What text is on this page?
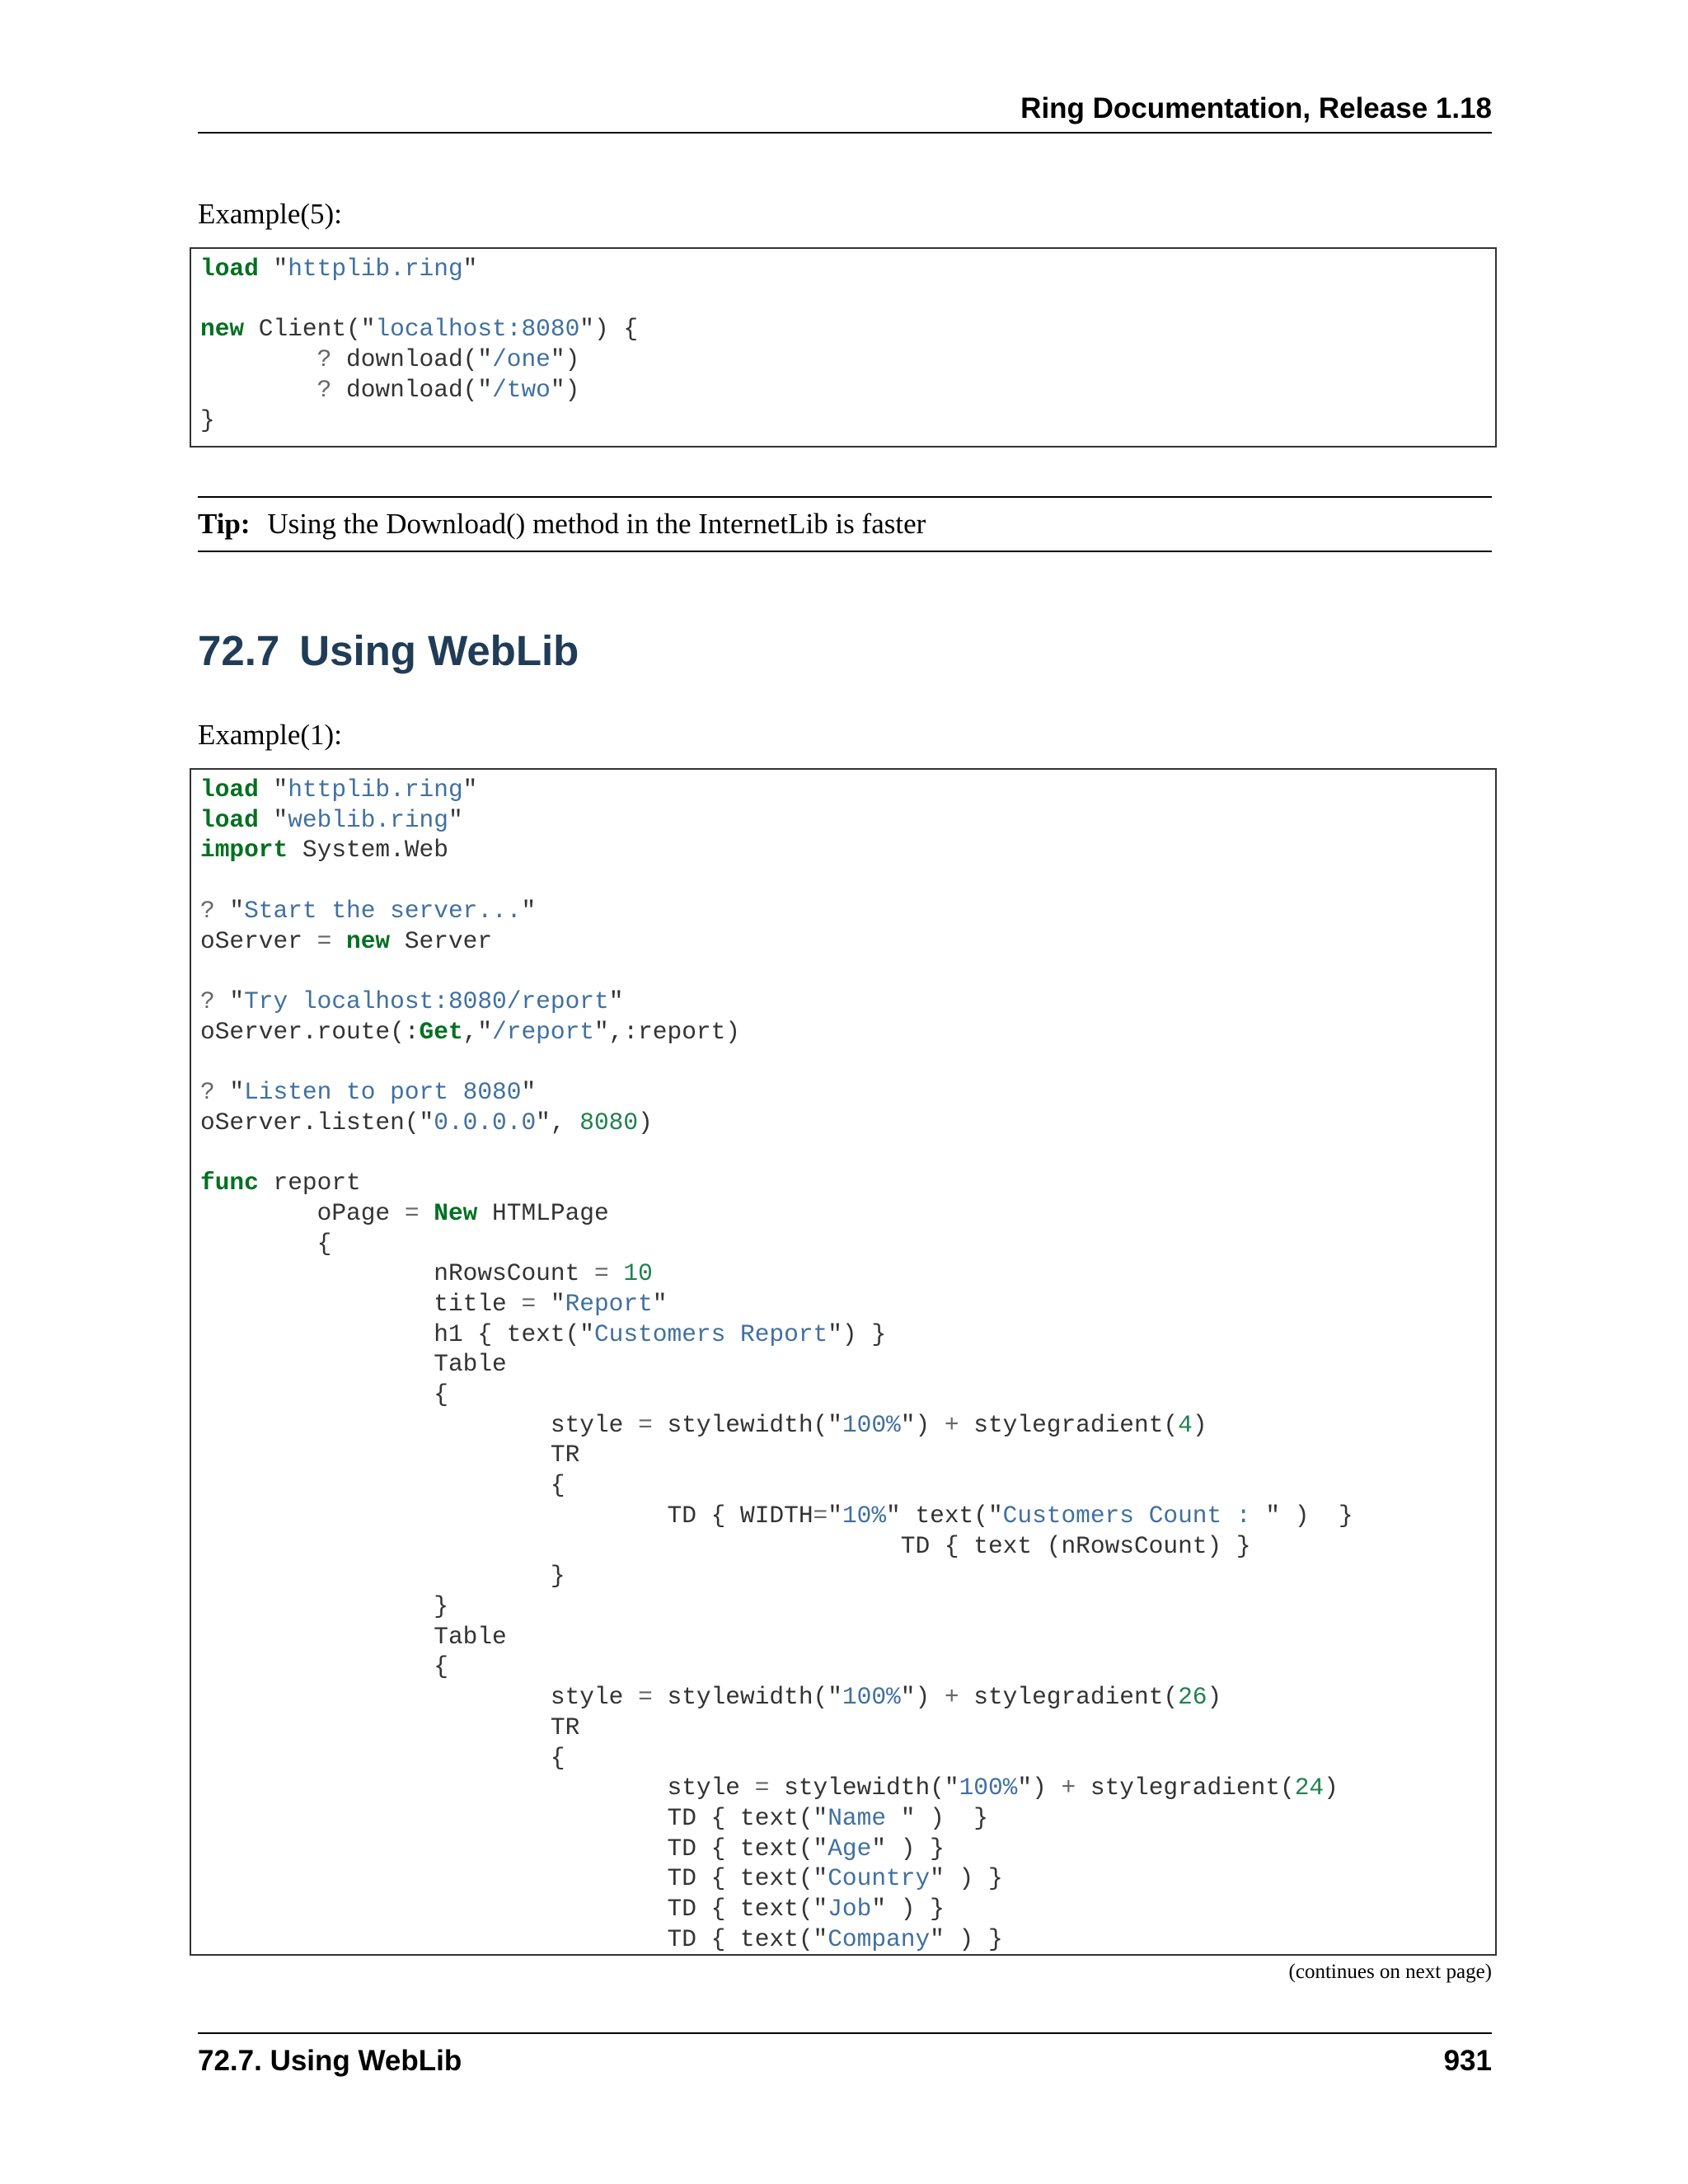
Ring Documentation, Release 1.18
Example(5):
load "httplib.ring"

new Client("localhost:8080") {
? download("/one")
? download("/two")
}
Tip: Using the Download() method in the InternetLib is faster
72.7 Using WebLib
Example(1):
load "httplib.ring"
load "weblib.ring"
import System.Web

? "Start the server..."
oServer = new Server

? "Try localhost:8080/report"
oServer.route(:Get,"/report",:report)

? "Listen to port 8080"
oServer.listen("0.0.0.0", 8080)

func report
oPage = New HTMLPage
{
nRowsCount = 10
title = "Report"
h1 { text("Customers Report") }
Table
{
style = stylewidth("100%") + stylegradient(4)
TR
{
TD { WIDTH="10%" text("Customers Count : " )  }
TD { text (nRowsCount) }
}
}
Table
{
style = stylewidth("100%") + stylegradient(26)
TR
{
style = stylewidth("100%") + stylegradient(24)
TD { text("Name " )  }
TD { text("Age" ) }
TD { text("Country" ) }
TD { text("Job" ) }
TD { text("Company" ) }
(continues on next page)
72.7. Using WebLib	931
